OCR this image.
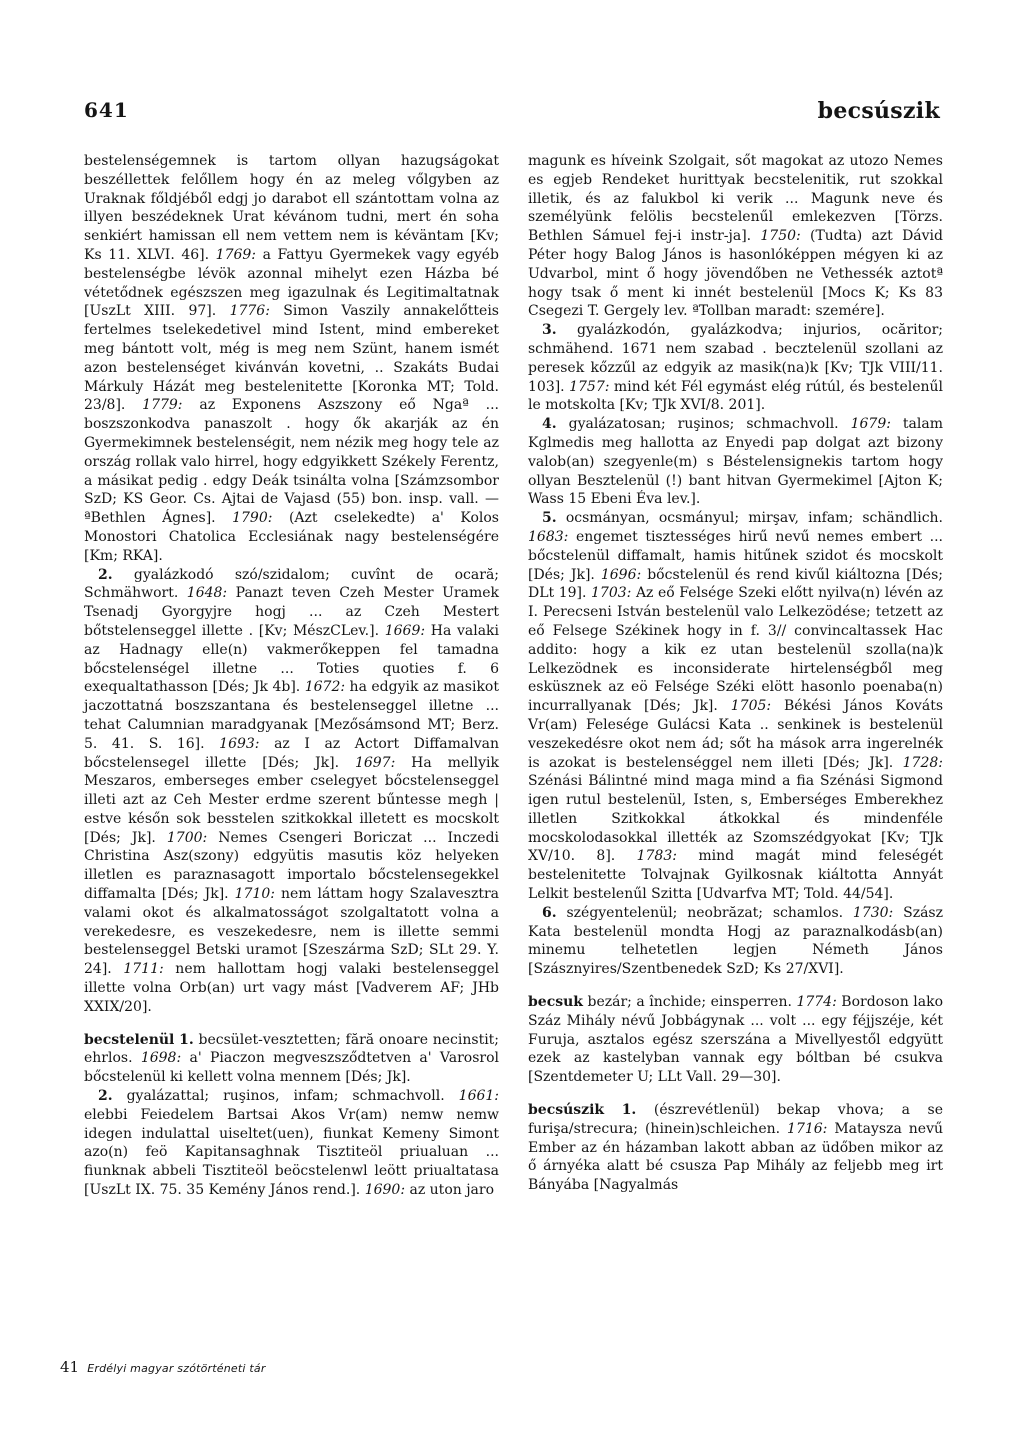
641	becsúszik

bestelenségemnek is tartom ollyan hazugságokat beszéllettek felőllem hogy én az meleg vőlgyben az Uraknak főldjéből edgj jo darabot ell szántottam volna az illyen beszédeknek Urat kévánom tudni, mert én soha senkiért hamissan ell nem vettem nem is kéväntam [Kv; Ks 11. XLVI. 46]. 1769: a Fattyu Gyermekek vagy egyéb bestelenségbe lévök azonnal mihelyt ezen Házba bé vétetődnek egészszen meg igazulnak és Legitimaltatnak [UszLt XIII. 97]. 1776: Simon Vaszily annakelőtteis fertelmes tselekedetivel mind Istent, mind embereket meg bántott volt, még is meg nem Szünt, hanem ismét azon bestelenséget kivánván kovetni, .. Szakáts Budai Márkuly Házát meg bestelenitette [Koronka MT; Told. 23/8]. 1779: az Exponens Aszszony eő Ngaª ... boszszonkodva panaszolt . hogy ők akarják az én Gyermekimnek bestelenségit, nem nézik meg hogy tele az ország rollak valo hirrel, hogy edgyikkett Székely Ferentz, a másikat pedig . edgy Deák tsinálta volna [Számzsombor SzD; KS Geor. Cs. Ajtai de Vajasd (55) bon. insp. vall. — ªBethlen Ágnes]. 1790: (Azt cselekedte) a' Kolos Monostori Chatolica Ecclesiának nagy bestelenségére [Km; RKA].

2. gyalázkodó szó/szidalom; cuvînt de ocară; Schmähwort. 1648: Panazt teven Czeh Mester Uramek Tsenadj Gyorgyjre hogj ... az Czeh Mestert bőtstelenseggel illette . [Kv; MészCLev.]. 1669: Ha valaki az Hadnagy elle(n) vakmerőkeppen fel tamadna bőcstelenségel illetne ... Toties quoties f. 6 exequaltathasson [Dés; Jk 4b]. 1672: ha edgyik az masikot jaczottatná boszszantana és bestelenseggel illetne ... tehat Calumnian maradgyanak [Mezősámsond MT; Berz. 5. 41. S. 16]. 1693: az I az Actort Diffamalvan bőcstelensegel illette [Dés; Jk]. 1697: Ha mellyik Meszaros, emberseges ember cselegyet bőcstelenseggel illeti azt az Ceh Mester erdme szerent bűntesse megh | estve későn sok besstelen szitkokkal illetett es mocskolt [Dés; Jk]. 1700: Nemes Csengeri Boriczat ... Inczedi Christina Asz(szony) edgyütis masutis köz helyeken illetlen es paraznasagott importalo bőcstelensegekkel diffamalta [Dés; Jk]. 1710: nem láttam hogy Szalavesztra valami okot és alkalmatosságot szolgaltatott volna a verekedesre, es veszekedesre, nem is illette semmi bestelenseggel Betski uramot [Szeszárma SzD; SLt 29. Y. 24]. 1711: nem hallottam hogj valaki bestelenseggel illette volna Orb(an) urt vagy mást [Vadverem AF; JHb XXIX/20].

becstelenül 1. becsület-vesztetten; fără onoare necinstit; ehrlos. 1698: a' Piaczon megveszsződtetven a' Varosrol bőcstelenül ki kellett volna mennem [Dés; Jk].

2. gyalázattal; ruşinos, infam; schmachvoll. 1661: elebbi Feiedelem Bartsai Akos Vr(am) nemw nemw idegen indulattal uiseltet(uen), fiunkat Kemeny Simont azo(n) feö Kapitansaghnak Tisztiteöl priualuan ... fiunknak abbeli Tisztiteöl beöcstelenwl leött priualtatasa [UszLt IX. 75. 35 Kemény János rend.]. 1690: az uton jaro

magunk es híveink Szolgait, sőt magokat az utozo Nemes es egjeb Rendeket hurittyak becstelenitik, rut szokkal illetik, és az falukbol ki verik ... Magunk neve és személyünk felölis becstelenűl emlekezven [Törzs. Bethlen Sámuel fej-i instr-ja]. 1750: (Tudta) azt Dávid Péter hogy Balog János is hasonlóképpen mégyen ki az Udvarbol, mint ő hogy jövendőben ne Vethessék aztotª hogy tsak ő ment ki innét bestelenül [Mocs K; Ks 83 Csegezi T. Gergely lev. ªTollban maradt: szemére].

3. gyalázkodón, gyalázkodva; injurios, ocăritor; schmähend. 1671 nem szabad . becztelenül szollani az peresek kőzzűl az edgyik az masik(na)k [Kv; TJk VIII/11. 103]. 1757: mind két Fél egymást elég rútúl, és bestelenűl le motskolta [Kv; TJk XVI/8. 201].

4. gyalázatosan; ruşinos; schmachvoll. 1679: talam Kglmedis meg hallotta az Enyedi pap dolgat azt bizony valob(an) szegyenle(m) s Béstelensignekis tartom hogy ollyan Besztelenül (!) bant hitvan Gyermekimel [Ajton K; Wass 15 Ebeni Éva lev.].

5. ocsmányan, ocsmányul; mirşav, infam; schändlich. 1683: engemet tisztességes hirű nevű nemes embert ... bőcstelenül diffamalt, hamis hitűnek szidot és mocskolt [Dés; Jk]. 1696: bőcstelenül és rend kivűl kiáltozna [Dés; DLt 19]. 1703: Az eő Felsége Szeki előtt nyilva(n) lévén az I. Perecseni István bestelenül valo Lelkezödése; tetzett az eő Felsege Székinek hogy in f. 3// convincaltassek Hac addito: hogy a kik ez utan bestelenül szolla(na)k Lelkezödnek es inconsiderate hirtelenségből meg esküsznek az eö Felsége Széki elött hasonlo poenaba(n) incurrallyanak [Dés; Jk]. 1705: Békési János Kováts Vr(am) Felesége Gulácsi Kata .. senkinek is bestelenül veszekedésre okot nem ád; sőt ha mások arra ingerelnék is azokat is bestelenséggel nem illeti [Dés; Jk]. 1728: Szénási Bálintné mind maga mind a fia Szénási Sigmond igen rutul bestelenül, Isten, s, Emberséges Emberekhez illetlen Szitkokkal átkokkal és mindenféle mocskolodasokkal illették az Szomszédgyokat [Kv; TJk XV/10. 8]. 1783: mind magát mind feleségét bestelenitette Tolvajnak Gyilkosnak kiáltotta Annyát Lelkit bestelenűl Szitta [Udvarfva MT; Told. 44/54].

6. szégyentelenül; neobrăzat; schamlos. 1730: Szász Kata bestelenül mondta Hogj az paraznalkodásb(an) minemu telhetetlen legjen Németh János [Szásznyires/Szentbenedek SzD; Ks 27/XVI].

becsuk bezár; a închide; einsperren. 1774: Bordoson lako Száz Mihály névű Jobbágynak ... volt ... egy féjjszéje, két Furuja, asztalos egész szerszána a Mivellyestől edgyütt ezek az kastelyban vannak egy bóltban bé csukva [Szentdemeter U; LLt Vall. 29—30].

becsúszik 1. (észrevétlenül) bekap vhova; a se furişa/strecura; (hinein)schleichen. 1716: Matayszа nevű Ember az én házamban lakott abban az üdőben mikor az ő árnyéka alatt bé csusza Pap Mihály az feljebb meg irt Bányába [Nagyalmás

41 Erdélyi magyar szótörténeti tár
